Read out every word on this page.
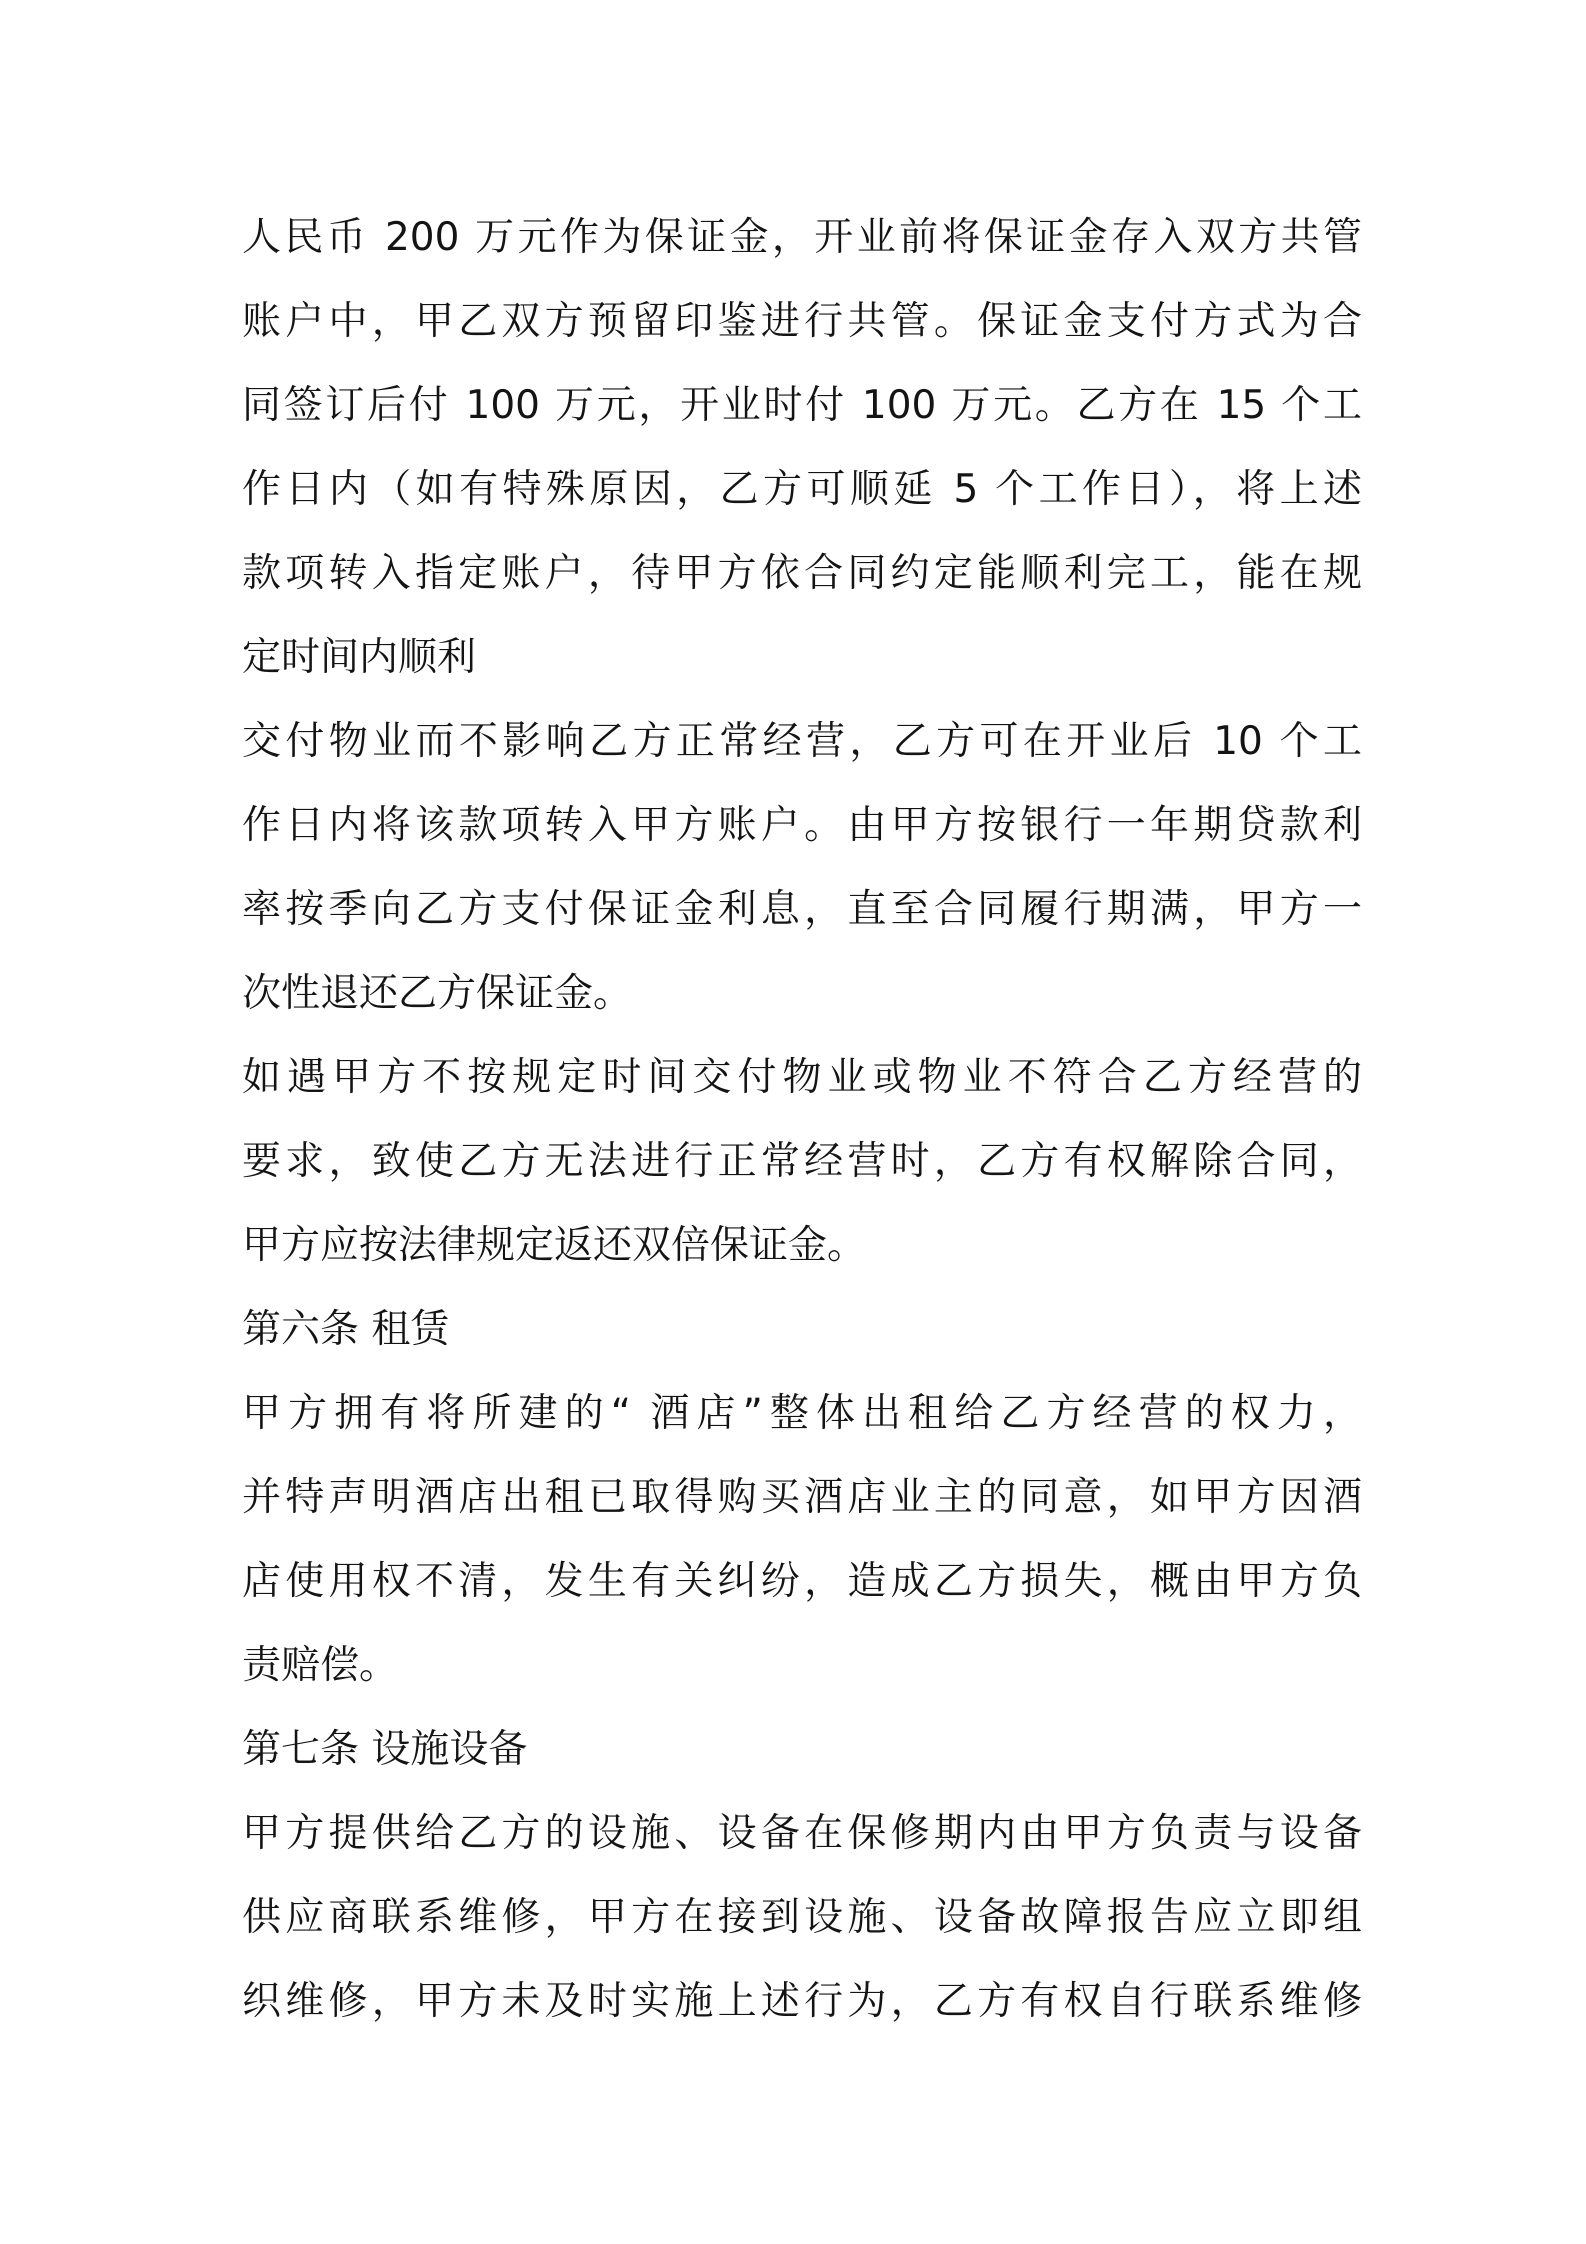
人民币 200 万元作为保证金，开业前将保证金存入双方共管
账户中，甲乙双方预留印鉴进行共管。保证金支付方式为合
同签订后付 100 万元，开业时付 100 万元。乙方在 15 个工
作日内（如有特殊原因，乙方可顺延 5 个工作日），将上述
款项转入指定账户，待甲方依合同约定能顺利完工，能在规
定时间内顺利
交付物业而不影响乙方正常经营，乙方可在开业后 10 个工
作日内将该款项转入甲方账户。由甲方按银行一年期贷款利
率按季向乙方支付保证金利息，直至合同履行期满，甲方一
次性退还乙方保证金。
如遇甲方不按规定时间交付物业或物业不符合乙方经营的
要求，致使乙方无法进行正常经营时，乙方有权解除合同，
甲方应按法律规定返还双倍保证金。
第六条 租赁
甲方拥有将所建的“ 酒店”整体出租给乙方经营的权力，
并特声明酒店出租已取得购买酒店业主的同意，如甲方因酒
店使用权不清，发生有关纠纷，造成乙方损失，概由甲方负
责赔偿。
第七条 设施设备
甲方提供给乙方的设施、设备在保修期内由甲方负责与设备
供应商联系维修，甲方在接到设施、设备故障报告应立即组
织维修，甲方未及时实施上述行为，乙方有权自行联系维修
